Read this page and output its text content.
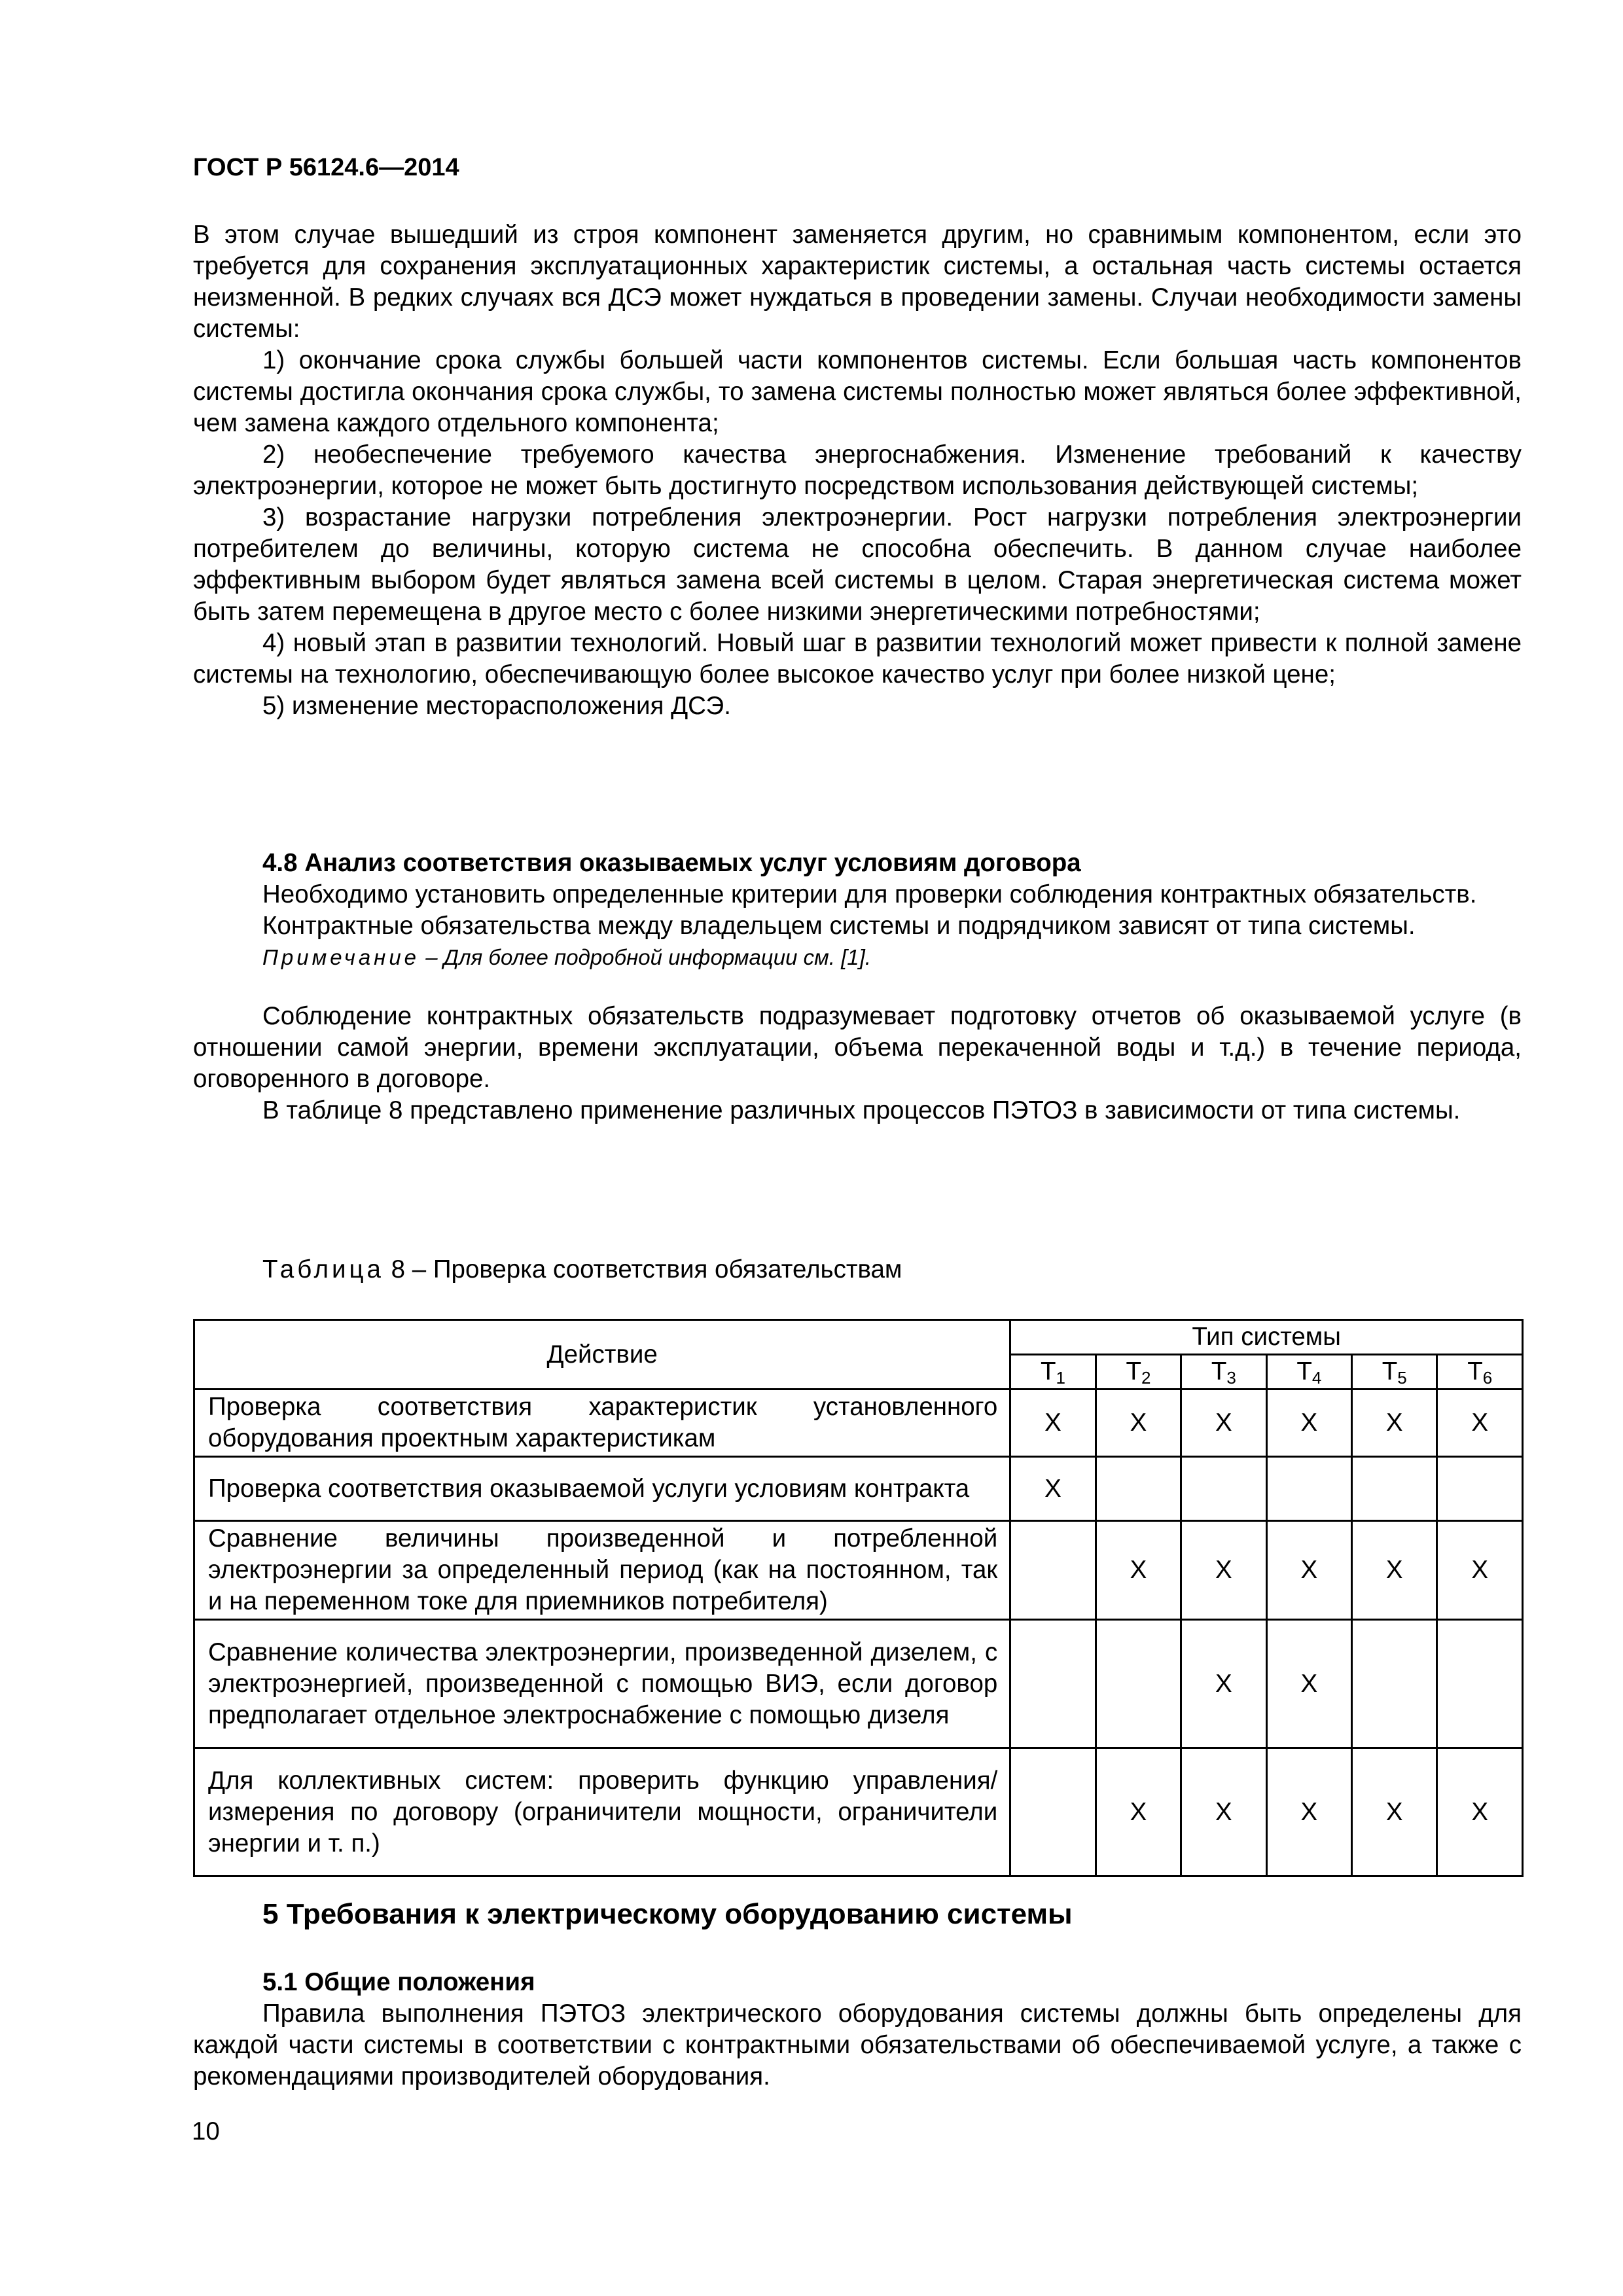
ГОСТ Р 56124.6—2014

В этом случае вышедший из строя компонент заменяется другим, но сравнимым компонентом, если это требуется для сохранения эксплуатационных характеристик системы, а остальная часть системы остается неизменной. В редких случаях вся ДСЭ может нуждаться в проведении замены. Случаи необходимости замены системы:

1) окончание срока службы большей части компонентов системы. Если большая часть компонентов системы достигла окончания срока службы, то замена системы полностью может являться более эффективной, чем замена каждого отдельного компонента;

2) необеспечение требуемого качества энергоснабжения. Изменение требований к качеству электроэнергии, которое не может быть достигнуто посредством использования действующей системы;

3) возрастание нагрузки потребления электроэнергии. Рост нагрузки потребления электроэнергии потребителем до величины, которую система не способна обеспечить. В данном случае наиболее эффективным выбором будет являться замена всей системы в целом. Старая энергетическая система может быть затем перемещена в другое место с более низкими энергетическими потребностями;

4) новый этап в развитии технологий. Новый шаг в развитии технологий может привести к полной замене системы на технологию, обеспечивающую более высокое качество услуг при более низкой цене;

5) изменение месторасположения ДСЭ.

4.8 Анализ соответствия оказываемых услуг условиям договора

Необходимо установить определенные критерии для проверки соблюдения контрактных обязательств.

Контрактные обязательства между владельцем системы и подрядчиком зависят от типа системы.

Примечание – Для более подробной информации см. [1].

Соблюдение контрактных обязательств подразумевает подготовку отчетов об оказываемой услуге (в отношении самой энергии, времени эксплуатации, объема перекаченной воды и т.д.) в течение периода, оговоренного в договоре.

В таблице 8 представлено применение различных процессов ПЭТОЗ в зависимости от типа системы.

Таблица 8 – Проверка соответствия обязательствам
Действие	Тип системы					
	$T_1$	$T_2$	$T_3$	$T_4$	$T_5$	$T_6$
Проверка соответствия характеристик установленного оборудования проектным характеристикам	X	X	X	X	X	X
Проверка соответствия оказываемой услуги условиям контракта	X					
Сравнение величины произведенной и потребленной электроэнергии за определенный период (как на постоянном, так и на переменном токе для приемников потребителя)		X	X	X	X	X
Сравнение количества электроэнергии, произведенной дизелем, с электроэнергией, произведенной с помощью ВИЭ, если договор предполагает отдельное электроснабжение с помощью дизеля			X	X		
Для коллективных систем: проверить функцию управления/измерения по договору (ограничители мощности, ограничители энергии и т. п.)		X	X	X	X	X
5 Требования к электрическому оборудованию системы

5.1 Общие положения

Правила выполнения ПЭТОЗ электрического оборудования системы должны быть определены для каждой части системы в соответствии с контрактными обязательствами об обеспечиваемой услуге, а также с рекомендациями производителей оборудования.

10
